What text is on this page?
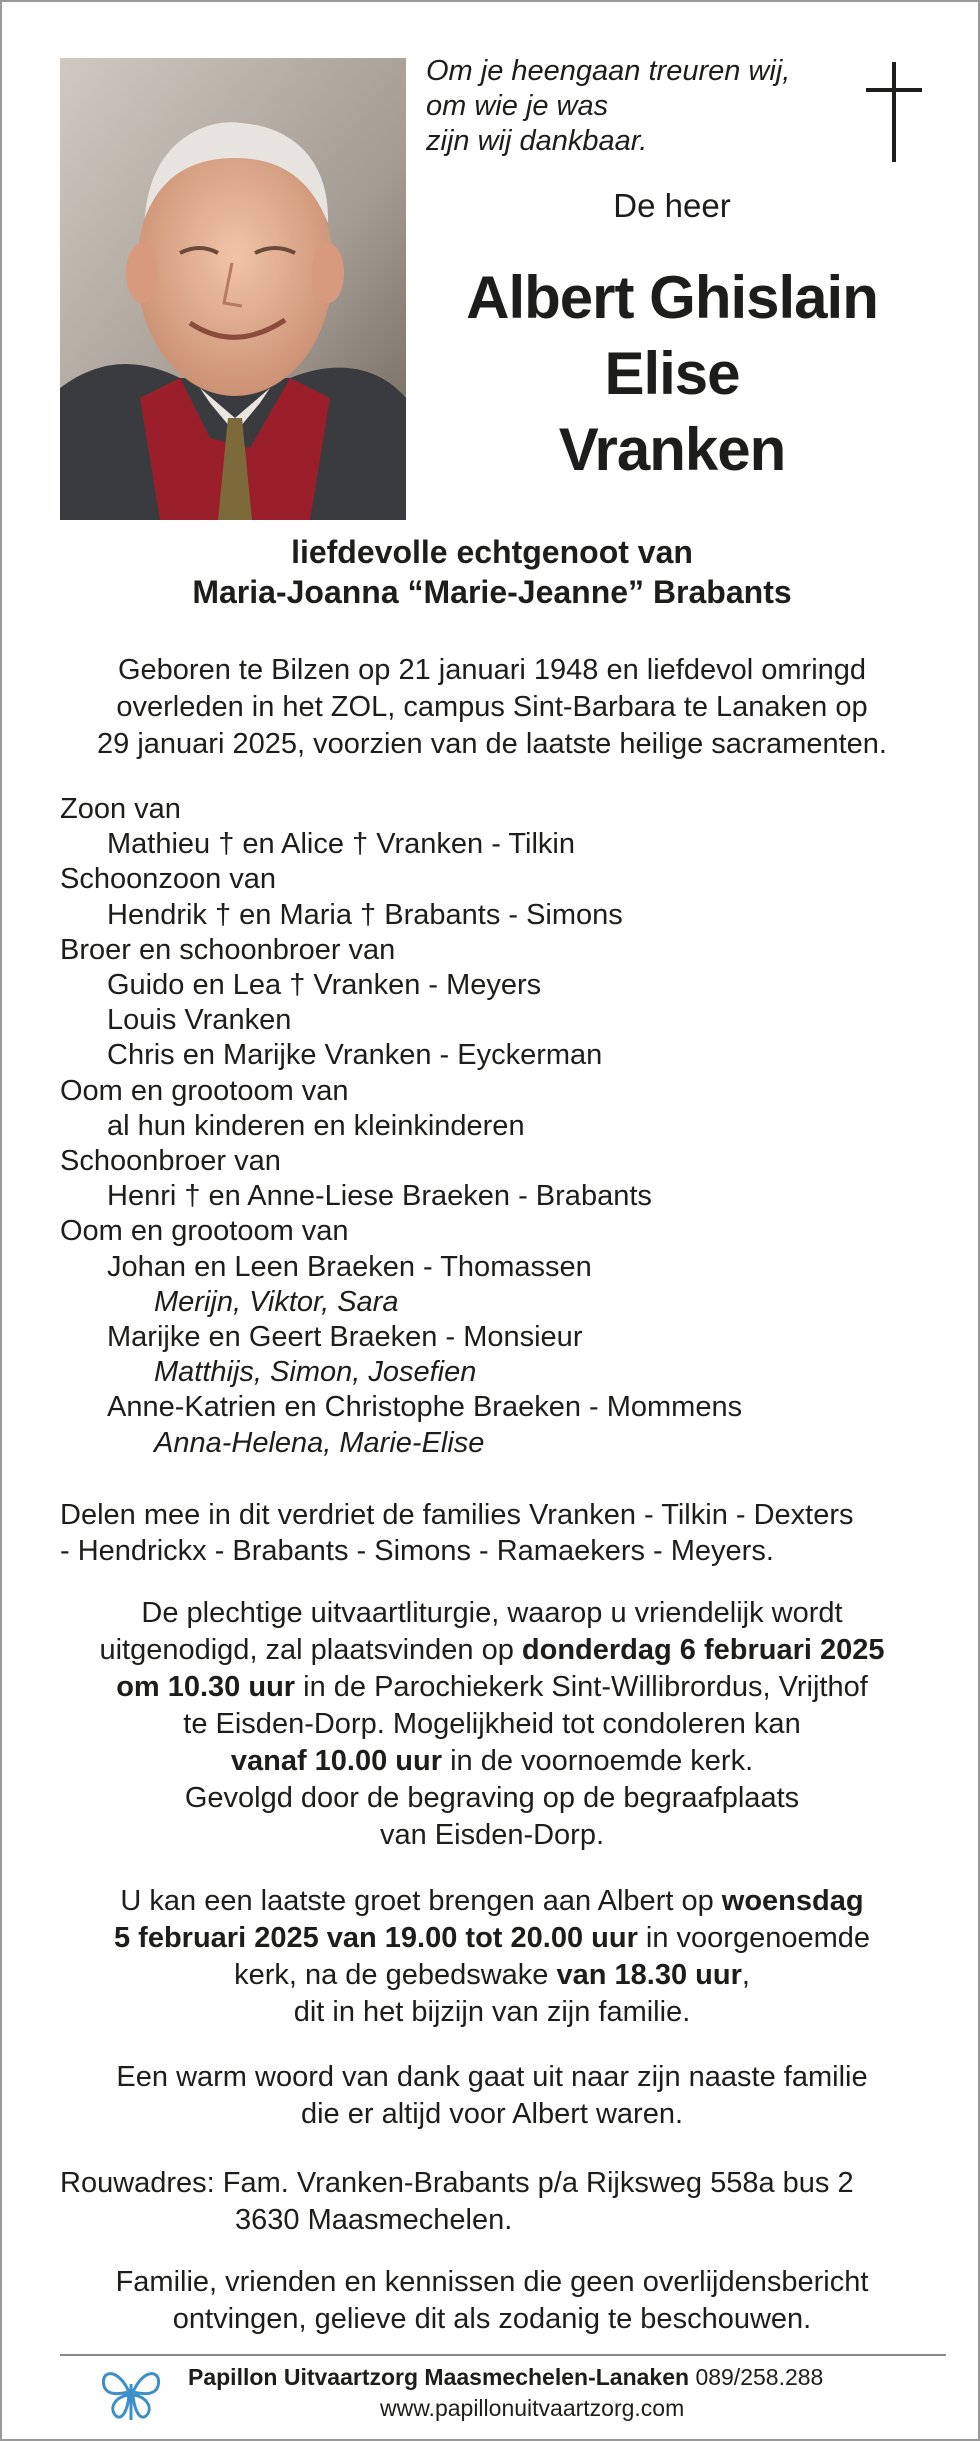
Om je heengaan treuren wij,
om wie je was
zijn wij dankbaar.
De heer
Albert Ghislain
Elise
Vranken
liefdevolle echtgenoot van
Maria-Joanna “Marie-Jeanne” Brabants
Geboren te Bilzen op 21 januari 1948 en liefdevol omringd
overleden in het ZOL, campus Sint-Barbara te Lanaken op
29 januari 2025, voorzien van de laatste heilige sacramenten.
Zoon van
Mathieu † en Alice † Vranken - Tilkin
Schoonzoon van
Hendrik † en Maria † Brabants - Simons
Broer en schoonbroer van
Guido en Lea † Vranken - Meyers
Louis Vranken
Chris en Marijke Vranken - Eyckerman
Oom en grootoom van
al hun kinderen en kleinkinderen
Schoonbroer van
Henri † en Anne-Liese Braeken - Brabants
Oom en grootoom van
Johan en Leen Braeken - Thomassen
Merijn, Viktor, Sara
Marijke en Geert Braeken - Monsieur
Matthijs, Simon, Josefien
Anne-Katrien en Christophe Braeken - Mommens
Anna-Helena, Marie-Elise
Delen mee in dit verdriet de families Vranken - Tilkin - Dexters
- Hendrickx - Brabants - Simons - Ramaekers - Meyers.
De plechtige uitvaartliturgie, waarop u vriendelijk wordt
uitgenodigd, zal plaatsvinden op donderdag 6 februari 2025
om 10.30 uur in de Parochiekerk Sint-Willibrordus, Vrijthof
te Eisden-Dorp. Mogelijkheid tot condoleren kan
vanaf 10.00 uur in de voornoemde kerk.
Gevolgd door de begraving op de begraafplaats
van Eisden-Dorp.
U kan een laatste groet brengen aan Albert op woensdag
5 februari 2025 van 19.00 tot 20.00 uur in voorgenoemde
kerk, na de gebedswake van 18.30 uur,
dit in het bijzijn van zijn familie.
Een warm woord van dank gaat uit naar zijn naaste familie
die er altijd voor Albert waren.
Rouwadres: Fam. Vranken-Brabants p/a Rijksweg 558a bus 2
3630 Maasmechelen.
Familie, vrienden en kennissen die geen overlijdensbericht
ontvingen, gelieve dit als zodanig te beschouwen.
Papillon Uitvaartzorg Maasmechelen-Lanaken 089/258.288
www.papillonuitvaartzorg.com
